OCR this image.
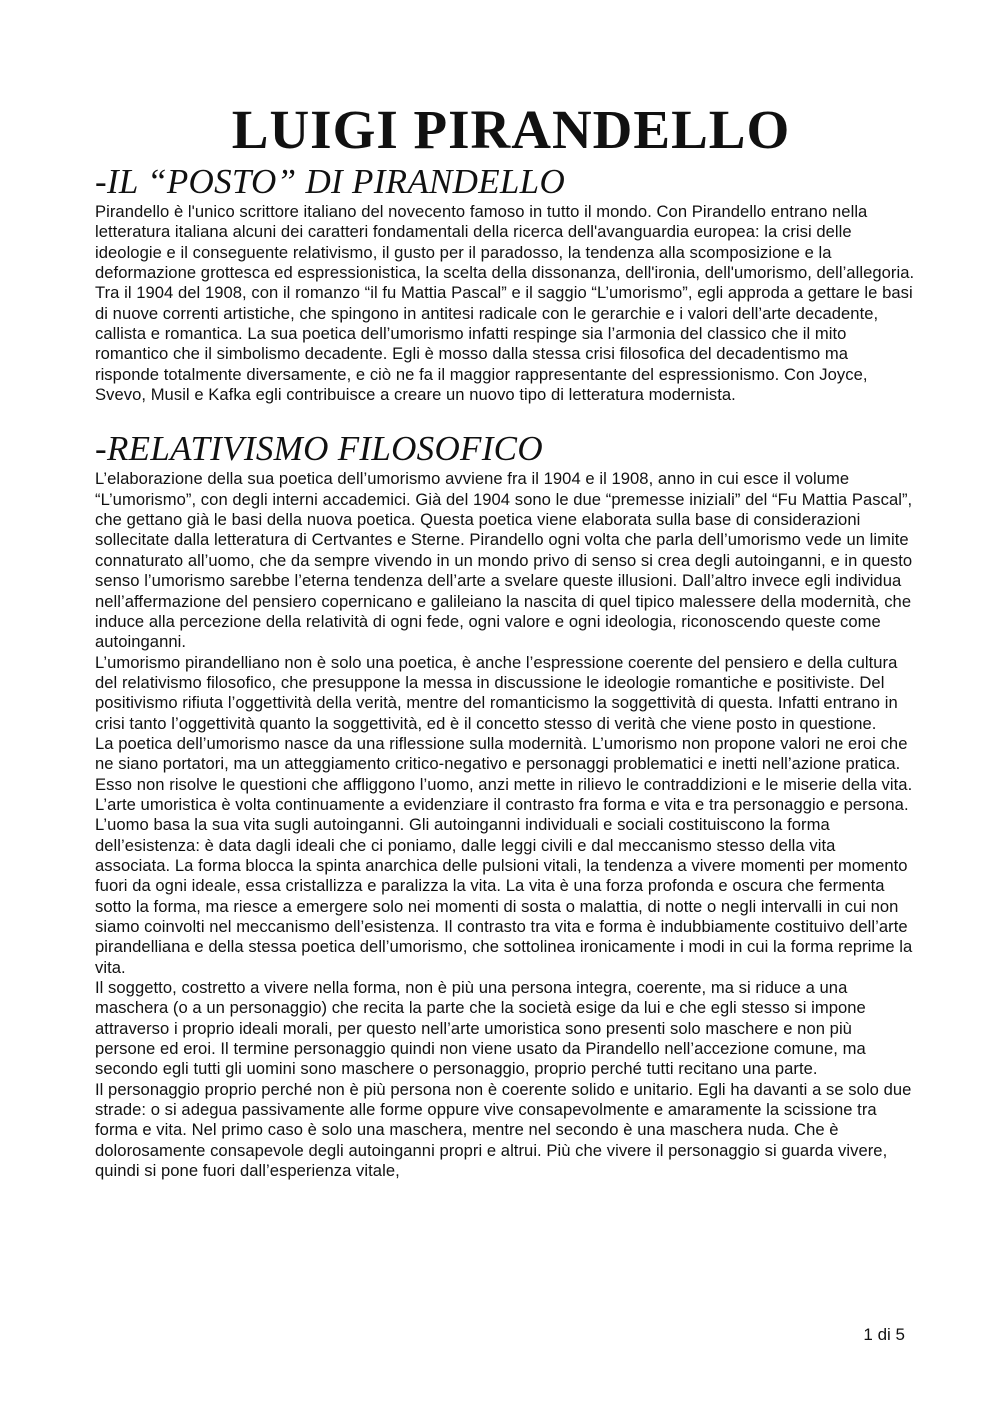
LUIGI PIRANDELLO
-IL “POSTO” DI PIRANDELLO

Pirandello è l'unico scrittore italiano del novecento famoso in tutto il mondo. Con Pirandello entrano nella letteratura italiana alcuni dei caratteri fondamentali della ricerca dell'avanguardia europea: la crisi delle ideologie e il conseguente relativismo, il gusto per il paradosso, la tendenza alla scomposizione e la deformazione grottesca ed espressionistica, la scelta della dissonanza, dell'ironia, dell'umorismo, dell’allegoria.

Tra il 1904 del 1908, con il romanzo “il fu Mattia Pascal” e il saggio “L’umorismo”, egli approda a gettare le basi di nuove correnti artistiche, che spingono in antitesi radicale con le gerarchie e i valori dell’arte decadente, callista e romantica. La sua poetica dell’umorismo infatti respinge sia l’armonia del classico che il mito romantico che il simbolismo decadente. Egli è mosso dalla stessa crisi filosofica del decadentismo ma risponde totalmente diversamente, e ciò ne fa il maggior rappresentante del espressionismo. Con Joyce, Svevo, Musil e Kafka egli contribuisce a creare un nuovo tipo di letteratura modernista.

-RELATIVISMO FILOSOFICO

L’elaborazione della sua poetica dell’umorismo avviene fra il 1904 e il 1908, anno in cui esce il volume “L’umorismo”, con degli interni accademici. Già del 1904 sono le due “premesse iniziali” del “Fu Mattia Pascal”, che gettano già le basi della nuova poetica. Questa poetica viene elaborata sulla base di considerazioni sollecitate dalla letteratura di Certvantes e Sterne. Pirandello ogni volta che parla dell’umorismo vede un limite connaturato all’uomo, che da sempre vivendo in un mondo privo di senso si crea degli autoinganni, e in questo senso l’umorismo sarebbe l’eterna tendenza dell’arte a svelare queste illusioni. Dall’altro invece egli individua nell’affermazione del pensiero copernicano e galileiano la nascita di quel tipico malessere della modernità, che induce alla percezione della relatività di ogni fede, ogni valore e ogni ideologia, riconoscendo queste come autoinganni.

L’umorismo pirandelliano non è solo una poetica, è anche l’espressione coerente del pensiero e della cultura del relativismo filosofico, che presuppone la messa in discussione le ideologie romantiche e positiviste. Del positivismo rifiuta l’oggettività della verità, mentre del romanticismo la soggettività di questa. Infatti entrano in crisi tanto l’oggettività quanto la soggettività, ed è il concetto stesso di verità che viene posto in questione.

La poetica dell’umorismo nasce da una riflessione sulla modernità. L’umorismo non propone valori ne eroi che ne siano portatori, ma un atteggiamento critico-negativo e personaggi problematici e inetti nell’azione pratica. Esso non risolve le questioni che affliggono l’uomo, anzi mette in rilievo le contraddizioni e le miserie della vita.

L’arte umoristica è volta continuamente a evidenziare il contrasto fra forma e vita e tra personaggio e persona. L’uomo basa la sua vita sugli autoinganni. Gli autoinganni individuali e sociali costituiscono la forma dell’esistenza: è data dagli ideali che ci poniamo, dalle leggi civili e dal meccanismo stesso della vita associata. La forma blocca la spinta anarchica delle pulsioni vitali, la tendenza a vivere momenti per momento fuori da ogni ideale, essa cristallizza e paralizza la vita. La vita è una forza profonda e oscura che fermenta sotto la forma, ma riesce a emergere solo nei momenti di sosta o malattia, di notte o negli intervalli in cui non siamo coinvolti nel meccanismo dell’esistenza. Il contrasto tra vita e forma è indubbiamente costituivo dell’arte pirandelliana e della stessa poetica dell’umorismo, che sottolinea ironicamente i modi in cui la forma reprime la vita.

Il soggetto, costretto a vivere nella forma, non è più una persona integra, coerente, ma si riduce a una maschera (o a un personaggio) che recita la parte che la società esige da lui e che egli stesso si impone attraverso i proprio ideali morali, per questo nell’arte umoristica sono presenti solo maschere e non più persone ed eroi. Il termine personaggio quindi non viene usato da Pirandello nell’accezione comune, ma secondo egli tutti gli uomini sono maschere o personaggio, proprio perché tutti recitano una parte.

Il personaggio proprio perché non è più persona non è coerente solido e unitario. Egli ha davanti a se solo due strade: o si adegua passivamente alle forme oppure vive consapevolmente e amaramente la scissione tra forma e vita. Nel primo caso è solo una maschera, mentre nel secondo è una maschera nuda. Che è dolorosamente consapevole degli autoinganni propri e altrui. Più che vivere il personaggio si guarda vivere, quindi si pone fuori dall’esperienza vitale,

1 di 5
